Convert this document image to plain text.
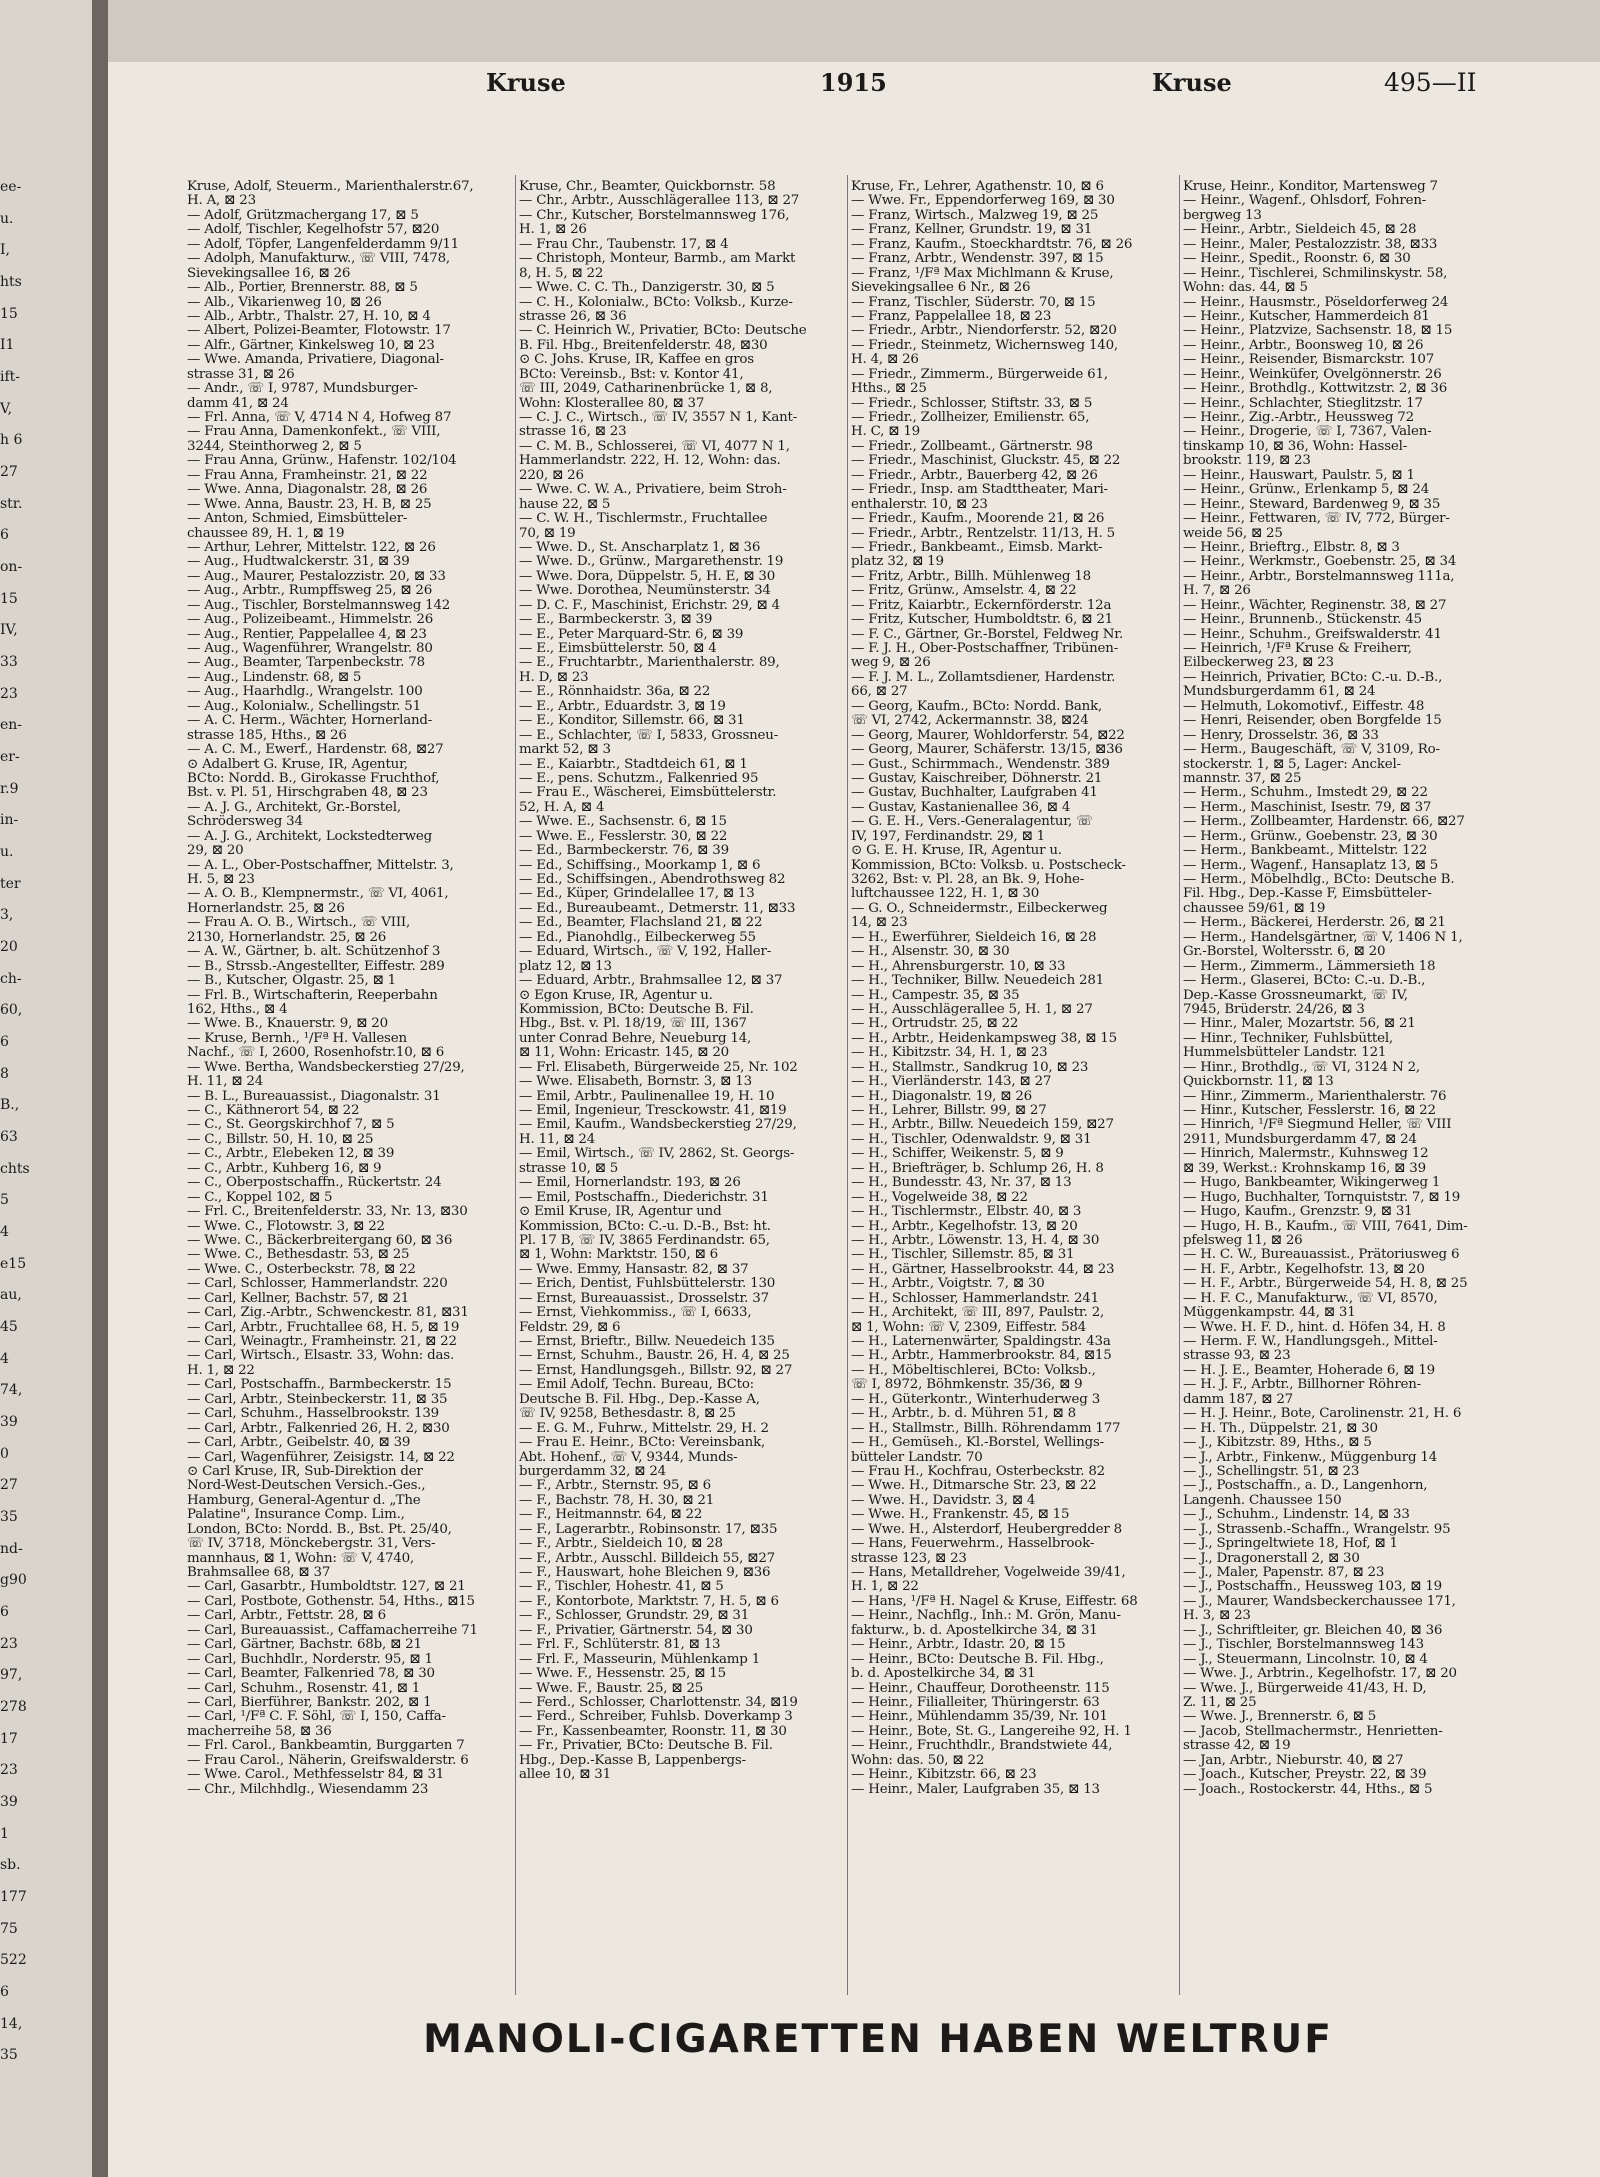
ee-
u.
I,
hts
15
I1
ift-
V,
h 6
27
str.
6
on-
15
IV,
33
23
en-
er-
r.9
in-
u.
ter
3,
20
ch-
60,
6
8
B.,
63
chts
5
4
e15
au,
45
4
74,
39
0
27
35
nd-
g90
6
23
97,
278
17
23
39
1
sb.
177
75
522
6
14,
35
Kruse	1915	Kruse	495—II
Kruse, Adolf, Steuerm., Marienthalerstr.67,
H. A, ⊠ 23
— Adolf, Grützmachergang 17, ⊠ 5
— Adolf, Tischler, Kegelhofstr 57, ⊠20
— Adolf, Töpfer, Langenfelderdamm 9/11
— Adolph, Manufakturw., ☏ VIII, 7478,
Sievekingsallee 16, ⊠ 26
— Alb., Portier, Brennerstr. 88, ⊠ 5
— Alb., Vikarienweg 10, ⊠ 26
— Alb., Arbtr., Thalstr. 27, H. 10, ⊠ 4
— Albert, Polizei-Beamter, Flotowstr. 17
— Alfr., Gärtner, Kinkelsweg 10, ⊠ 23
— Wwe. Amanda, Privatiere, Diagonal-
strasse 31, ⊠ 26
— Andr., ☏ I, 9787, Mundsburger-
damm 41, ⊠ 24
— Frl. Anna, ☏ V, 4714 N 4, Hofweg 87
— Frau Anna, Damenkonfekt., ☏ VIII,
3244, Steinthorweg 2, ⊠ 5
— Frau Anna, Grünw., Hafenstr. 102/104
— Frau Anna, Framheinstr. 21, ⊠ 22
— Wwe. Anna, Diagonalstr. 28, ⊠ 26
— Wwe. Anna, Baustr. 23, H. B, ⊠ 25
— Anton, Schmied, Eimsbütteler-
chaussee 89, H. 1, ⊠ 19
— Arthur, Lehrer, Mittelstr. 122, ⊠ 26
— Aug., Hudtwalckerstr. 31, ⊠ 39
— Aug., Maurer, Pestalozzistr. 20, ⊠ 33
— Aug., Arbtr., Rumpffsweg 25, ⊠ 26
— Aug., Tischler, Borstelmannsweg 142
— Aug., Polizeibeamt., Himmelstr. 26
— Aug., Rentier, Pappelallee 4, ⊠ 23
— Aug., Wagenführer, Wrangelstr. 80
— Aug., Beamter, Tarpenbeckstr. 78
— Aug., Lindenstr. 68, ⊠ 5
— Aug., Haarhdlg., Wrangelstr. 100
— Aug., Kolonialw., Schellingstr. 51
— A. C. Herm., Wächter, Hornerland-
strasse 185, Hths., ⊠ 26
— A. C. M., Ewerf., Hardenstr. 68, ⊠27
⊙ Adalbert G. Kruse, IR, Agentur,
BCto: Nordd. B., Girokasse Fruchthof,
Bst. v. Pl. 51, Hirschgraben 48, ⊠ 23
— A. J. G., Architekt, Gr.-Borstel,
Schrödersweg 34
— A. J. G., Architekt, Lockstedterweg
29, ⊠ 20
— A. L., Ober-Postschaffner, Mittelstr. 3,
H. 5, ⊠ 23
— A. O. B., Klempnermstr., ☏ VI, 4061,
Hornerlandstr. 25, ⊠ 26
— Frau A. O. B., Wirtsch., ☏ VIII,
2130, Hornerlandstr. 25, ⊠ 26
— A. W., Gärtner, b. alt. Schützenhof 3
— B., Strssb.-Angestellter, Eiffestr. 289
— B., Kutscher, Olgastr. 25, ⊠ 1
— Frl. B., Wirtschafterin, Reeperbahn
162, Hths., ⊠ 4
— Wwe. B., Knauerstr. 9, ⊠ 20
— Kruse, Bernh., ¹/Fª H. Vallesen
Nachf., ☏ I, 2600, Rosenhofstr.10, ⊠ 6
— Wwe. Bertha, Wandsbeckerstieg 27/29,
H. 11, ⊠ 24
— B. L., Bureauassist., Diagonalstr. 31
— C., Käthnerort 54, ⊠ 22
— C., St. Georgskirchhof 7, ⊠ 5
— C., Billstr. 50, H. 10, ⊠ 25
— C., Arbtr., Elebeken 12, ⊠ 39
— C., Arbtr., Kuhberg 16, ⊠ 9
— C., Oberpostschaffn., Rückertstr. 24
— C., Koppel 102, ⊠ 5
— Frl. C., Breitenfelderstr. 33, Nr. 13, ⊠30
— Wwe. C., Flotowstr. 3, ⊠ 22
— Wwe. C., Bäckerbreitergang 60, ⊠ 36
— Wwe. C., Bethesdastr. 53, ⊠ 25
— Wwe. C., Osterbeckstr. 78, ⊠ 22
— Carl, Schlosser, Hammerlandstr. 220
— Carl, Kellner, Bachstr. 57, ⊠ 21
— Carl, Zig.-Arbtr., Schwenckestr. 81, ⊠31
— Carl, Arbtr., Fruchtallee 68, H. 5, ⊠ 19
— Carl, Weinagtr., Framheinstr. 21, ⊠ 22
— Carl, Wirtsch., Elsastr. 33, Wohn: das.
H. 1, ⊠ 22
— Carl, Postschaffn., Barmbeckerstr. 15
— Carl, Arbtr., Steinbeckerstr. 11, ⊠ 35
— Carl, Schuhm., Hasselbrookstr. 139
— Carl, Arbtr., Falkenried 26, H. 2, ⊠30
— Carl, Arbtr., Geibelstr. 40, ⊠ 39
— Carl, Wagenführer, Zeisigstr. 14, ⊠ 22
⊙ Carl Kruse, IR, Sub-Direktion der
Nord-West-Deutschen Versich.-Ges.,
Hamburg, General-Agentur d. „The
Palatine", Insurance Comp. Lim.,
London, BCto: Nordd. B., Bst. Pt. 25/40,
☏ IV, 3718, Mönckebergstr. 31, Vers-
mannhaus, ⊠ 1, Wohn: ☏ V, 4740,
Brahmsallee 68, ⊠ 37
— Carl, Gasarbtr., Humboldtstr. 127, ⊠ 21
— Carl, Postbote, Gothenstr. 54, Hths., ⊠15
— Carl, Arbtr., Fettstr. 28, ⊠ 6
— Carl, Bureauassist., Caffamacherreihe 71
— Carl, Gärtner, Bachstr. 68b, ⊠ 21
— Carl, Buchhdlr., Norderstr. 95, ⊠ 1
— Carl, Beamter, Falkenried 78, ⊠ 30
— Carl, Schuhm., Rosenstr. 41, ⊠ 1
— Carl, Bierführer, Bankstr. 202, ⊠ 1
— Carl, ¹/Fª C. F. Söhl, ☏ I, 150, Caffa-
macherreihe 58, ⊠ 36
— Frl. Carol., Bankbeamtin, Burggarten 7
— Frau Carol., Näherin, Greifswalderstr. 6
— Wwe. Carol., Methfesselstr 84, ⊠ 31
— Chr., Milchhdlg., Wiesendamm 23
Kruse, Chr., Beamter, Quickbornstr. 58
— Chr., Arbtr., Ausschlägerallee 113, ⊠ 27
— Chr., Kutscher, Borstelmannsweg 176,
H. 1, ⊠ 26
— Frau Chr., Taubenstr. 17, ⊠ 4
— Christoph, Monteur, Barmb., am Markt
8, H. 5, ⊠ 22
— Wwe. C. C. Th., Danzigerstr. 30, ⊠ 5
— C. H., Kolonialw., BCto: Volksb., Kurze-
strasse 26, ⊠ 36
— C. Heinrich W., Privatier, BCto: Deutsche
B. Fil. Hbg., Breitenfelderstr. 48, ⊠30
⊙ C. Johs. Kruse, IR, Kaffee en gros
BCto: Vereinsb., Bst: v. Kontor 41,
☏ III, 2049, Catharinenbrücke 1, ⊠ 8,
Wohn: Klosterallee 80, ⊠ 37
— C. J. C., Wirtsch., ☏ IV, 3557 N 1, Kant-
strasse 16, ⊠ 23
— C. M. B., Schlosserei, ☏ VI, 4077 N 1,
Hammerlandstr. 222, H. 12, Wohn: das.
220, ⊠ 26
— Wwe. C. W. A., Privatiere, beim Stroh-
hause 22, ⊠ 5
— C. W. H., Tischlermstr., Fruchtallee
70, ⊠ 19
— Wwe. D., St. Anscharplatz 1, ⊠ 36
— Wwe. D., Grünw., Margarethenstr. 19
— Wwe. Dora, Düppelstr. 5, H. E, ⊠ 30
— Wwe. Dorothea, Neumünsterstr. 34
— D. C. F., Maschinist, Erichstr. 29, ⊠ 4
— E., Barmbeckerstr. 3, ⊠ 39
— E., Peter Marquard-Str. 6, ⊠ 39
— E., Eimsbüttelerstr. 50, ⊠ 4
— E., Fruchtarbtr., Marienthalerstr. 89,
H. D, ⊠ 23
— E., Rönnhaidstr. 36a, ⊠ 22
— E., Arbtr., Eduardstr. 3, ⊠ 19
— E., Konditor, Sillemstr. 66, ⊠ 31
— E., Schlachter, ☏ I, 5833, Grossneu-
markt 52, ⊠ 3
— E., Kaiarbtr., Stadtdeich 61, ⊠ 1
— E., pens. Schutzm., Falkenried 95
— Frau E., Wäscherei, Eimsbüttelerstr.
52, H. A, ⊠ 4
— Wwe. E., Sachsenstr. 6, ⊠ 15
— Wwe. E., Fesslerstr. 30, ⊠ 22
— Ed., Barmbeckerstr. 76, ⊠ 39
— Ed., Schiffsing., Moorkamp 1, ⊠ 6
— Ed., Schiffsingen., Abendrothsweg 82
— Ed., Küper, Grindelallee 17, ⊠ 13
— Ed., Bureaubeamt., Detmerstr. 11, ⊠33
— Ed., Beamter, Flachsland 21, ⊠ 22
— Ed., Pianohdlg., Eilbeckerweg 55
— Eduard, Wirtsch., ☏ V, 192, Haller-
platz 12, ⊠ 13
— Eduard, Arbtr., Brahmsallee 12, ⊠ 37
⊙ Egon Kruse, IR, Agentur u.
Kommission, BCto: Deutsche B. Fil.
Hbg., Bst. v. Pl. 18/19, ☏ III, 1367
unter Conrad Behre, Neueburg 14,
⊠ 11, Wohn: Ericastr. 145, ⊠ 20
— Frl. Elisabeth, Bürgerweide 25, Nr. 102
— Wwe. Elisabeth, Bornstr. 3, ⊠ 13
— Emil, Arbtr., Paulinenallee 19, H. 10
— Emil, Ingenieur, Tresckowstr. 41, ⊠19
— Emil, Kaufm., Wandsbeckerstieg 27/29,
H. 11, ⊠ 24
— Emil, Wirtsch., ☏ IV, 2862, St. Georgs-
strasse 10, ⊠ 5
— Emil, Hornerlandstr. 193, ⊠ 26
— Emil, Postschaffn., Diederichstr. 31
⊙ Emil Kruse, IR, Agentur und
Kommission, BCto: C.-u. D.-B., Bst: ht.
Pl. 17 B, ☏ IV, 3865 Ferdinandstr. 65,
⊠ 1, Wohn: Marktstr. 150, ⊠ 6
— Wwe. Emmy, Hansastr. 82, ⊠ 37
— Erich, Dentist, Fuhlsbüttelerstr. 130
— Ernst, Bureauassist., Drosselstr. 37
— Ernst, Viehkommiss., ☏ I, 6633,
Feldstr. 29, ⊠ 6
— Ernst, Brieftr., Billw. Neuedeich 135
— Ernst, Schuhm., Baustr. 26, H. 4, ⊠ 25
— Ernst, Handlungsgeh., Billstr. 92, ⊠ 27
— Emil Adolf, Techn. Bureau, BCto:
Deutsche B. Fil. Hbg., Dep.-Kasse A,
☏ IV, 9258, Bethesdastr. 8, ⊠ 25
— E. G. M., Fuhrw., Mittelstr. 29, H. 2
— Frau E. Heinr., BCto: Vereinsbank,
Abt. Hohenf., ☏ V, 9344, Munds-
burgerdamm 32, ⊠ 24
— F., Arbtr., Sternstr. 95, ⊠ 6
— F., Bachstr. 78, H. 30, ⊠ 21
— F., Heitmannstr. 64, ⊠ 22
— F., Lagerarbtr., Robinsonstr. 17, ⊠35
— F., Arbtr., Sieldeich 10, ⊠ 28
— F., Arbtr., Ausschl. Billdeich 55, ⊠27
— F., Hauswart, hohe Bleichen 9, ⊠36
— F., Tischler, Hohestr. 41, ⊠ 5
— F., Kontorbote, Marktstr. 7, H. 5, ⊠ 6
— F., Schlosser, Grundstr. 29, ⊠ 31
— F., Privatier, Gärtnerstr. 54, ⊠ 30
— Frl. F., Schlüterstr. 81, ⊠ 13
— Frl. F., Masseurin, Mühlenkamp 1
— Wwe. F., Hessenstr. 25, ⊠ 15
— Wwe. F., Baustr. 25, ⊠ 25
— Ferd., Schlosser, Charlottenstr. 34, ⊠19
— Ferd., Schreiber, Fuhlsb. Doverkamp 3
— Fr., Kassenbeamter, Roonstr. 11, ⊠ 30
— Fr., Privatier, BCto: Deutsche B. Fil.
Hbg., Dep.-Kasse B, Lappenbergs-
allee 10, ⊠ 31
Kruse, Fr., Lehrer, Agathenstr. 10, ⊠ 6
— Wwe. Fr., Eppendorferweg 169, ⊠ 30
— Franz, Wirtsch., Malzweg 19, ⊠ 25
— Franz, Kellner, Grundstr. 19, ⊠ 31
— Franz, Kaufm., Stoeckhardtstr. 76, ⊠ 26
— Franz, Arbtr., Wendenstr. 397, ⊠ 15
— Franz, ¹/Fª Max Michlmann & Kruse,
Sievekingsallee 6 Nr., ⊠ 26
— Franz, Tischler, Süderstr. 70, ⊠ 15
— Franz, Pappelallee 18, ⊠ 23
— Friedr., Arbtr., Niendorferstr. 52, ⊠20
— Friedr., Steinmetz, Wichernsweg 140,
H. 4, ⊠ 26
— Friedr., Zimmerm., Bürgerweide 61,
Hths., ⊠ 25
— Friedr., Schlosser, Stiftstr. 33, ⊠ 5
— Friedr., Zollheizer, Emilienstr. 65,
H. C, ⊠ 19
— Friedr., Zollbeamt., Gärtnerstr. 98
— Friedr., Maschinist, Gluckstr. 45, ⊠ 22
— Friedr., Arbtr., Bauerberg 42, ⊠ 26
— Friedr., Insp. am Stadttheater, Mari-
enthalerstr. 10, ⊠ 23
— Friedr., Kaufm., Moorende 21, ⊠ 26
— Friedr., Arbtr., Rentzelstr. 11/13, H. 5
— Friedr., Bankbeamt., Eimsb. Markt-
platz 32, ⊠ 19
— Fritz, Arbtr., Billh. Mühlenweg 18
— Fritz, Grünw., Amselstr. 4, ⊠ 22
— Fritz, Kaiarbtr., Eckernförderstr. 12a
— Fritz, Kutscher, Humboldtstr. 6, ⊠ 21
— F. C., Gärtner, Gr.-Borstel, Feldweg Nr.
— F. J. H., Ober-Postschaffner, Tribünen-
weg 9, ⊠ 26
— F. J. M. L., Zollamtsdiener, Hardenstr.
66, ⊠ 27
— Georg, Kaufm., BCto: Nordd. Bank,
☏ VI, 2742, Ackermannstr. 38, ⊠24
— Georg, Maurer, Wohldorferstr. 54, ⊠22
— Georg, Maurer, Schäferstr. 13/15, ⊠36
— Gust., Schirmmach., Wendenstr. 389
— Gustav, Kaischreiber, Döhnerstr. 21
— Gustav, Buchhalter, Laufgraben 41
— Gustav, Kastanienallee 36, ⊠ 4
— G. E. H., Vers.-Generalagentur, ☏
IV, 197, Ferdinandstr. 29, ⊠ 1
⊙ G. E. H. Kruse, IR, Agentur u.
Kommission, BCto: Volksb. u. Postscheck-
3262, Bst: v. Pl. 28, an Bk. 9, Hohe-
luftchaussee 122, H. 1, ⊠ 30
— G. O., Schneidermstr., Eilbeckerweg
14, ⊠ 23
— H., Ewerführer, Sieldeich 16, ⊠ 28
— H., Alsenstr. 30, ⊠ 30
— H., Ahrensburgerstr. 10, ⊠ 33
— H., Techniker, Billw. Neuedeich 281
— H., Campestr. 35, ⊠ 35
— H., Ausschlägerallee 5, H. 1, ⊠ 27
— H., Ortrudstr. 25, ⊠ 22
— H., Arbtr., Heidenkampsweg 38, ⊠ 15
— H., Kibitzstr. 34, H. 1, ⊠ 23
— H., Stallmstr., Sandkrug 10, ⊠ 23
— H., Vierländerstr. 143, ⊠ 27
— H., Diagonalstr. 19, ⊠ 26
— H., Lehrer, Billstr. 99, ⊠ 27
— H., Arbtr., Billw. Neuedeich 159, ⊠27
— H., Tischler, Odenwaldstr. 9, ⊠ 31
— H., Schiffer, Weikenstr. 5, ⊠ 9
— H., Briefträger, b. Schlump 26, H. 8
— H., Bundesstr. 43, Nr. 37, ⊠ 13
— H., Vogelweide 38, ⊠ 22
— H., Tischlermstr., Elbstr. 40, ⊠ 3
— H., Arbtr., Kegelhofstr. 13, ⊠ 20
— H., Arbtr., Löwenstr. 13, H. 4, ⊠ 30
— H., Tischler, Sillemstr. 85, ⊠ 31
— H., Gärtner, Hasselbrookstr. 44, ⊠ 23
— H., Arbtr., Voigtstr. 7, ⊠ 30
— H., Schlosser, Hammerlandstr. 241
— H., Architekt, ☏ III, 897, Paulstr. 2,
⊠ 1, Wohn: ☏ V, 2309, Eiffestr. 584
— H., Laternenwärter, Spaldingstr. 43a
— H., Arbtr., Hammerbrookstr. 84, ⊠15
— H., Möbeltischlerei, BCto: Volksb.,
☏ I, 8972, Böhmkenstr. 35/36, ⊠ 9
— H., Güterkontr., Winterhuderweg 3
— H., Arbtr., b. d. Mühren 51, ⊠ 8
— H., Stallmstr., Billh. Röhrendamm 177
— H., Gemüseh., Kl.-Borstel, Wellings-
bütteler Landstr. 70
— Frau H., Kochfrau, Osterbeckstr. 82
— Wwe. H., Ditmarsche Str. 23, ⊠ 22
— Wwe. H., Davidstr. 3, ⊠ 4
— Wwe. H., Frankenstr. 45, ⊠ 15
— Wwe. H., Alsterdorf, Heubergredder 8
— Hans, Feuerwehrm., Hasselbrook-
strasse 123, ⊠ 23
— Hans, Metalldreher, Vogelweide 39/41,
H. 1, ⊠ 22
— Hans, ¹/Fª H. Nagel & Kruse, Eiffestr. 68
— Heinr., Nachflg., Inh.: M. Grön, Manu-
fakturw., b. d. Apostelkirche 34, ⊠ 31
— Heinr., Arbtr., Idastr. 20, ⊠ 15
— Heinr., BCto: Deutsche B. Fil. Hbg.,
b. d. Apostelkirche 34, ⊠ 31
— Heinr., Chauffeur, Dorotheenstr. 115
— Heinr., Filialleiter, Thüringerstr. 63
— Heinr., Mühlendamm 35/39, Nr. 101
— Heinr., Bote, St. G., Langereihe 92, H. 1
— Heinr., Fruchthdlr., Brandstwiete 44,
Wohn: das. 50, ⊠ 22
— Heinr., Kibitzstr. 66, ⊠ 23
— Heinr., Maler, Laufgraben 35, ⊠ 13
Kruse, Heinr., Konditor, Martensweg 7
— Heinr., Wagenf., Ohlsdorf, Fohren-
bergweg 13
— Heinr., Arbtr., Sieldeich 45, ⊠ 28
— Heinr., Maler, Pestalozzistr. 38, ⊠33
— Heinr., Spedit., Roonstr. 6, ⊠ 30
— Heinr., Tischlerei, Schmilinskystr. 58,
Wohn: das. 44, ⊠ 5
— Heinr., Hausmstr., Pöseldorferweg 24
— Heinr., Kutscher, Hammerdeich 81
— Heinr., Platzvize, Sachsenstr. 18, ⊠ 15
— Heinr., Arbtr., Boonsweg 10, ⊠ 26
— Heinr., Reisender, Bismarckstr. 107
— Heinr., Weinküfer, Övelgönnerstr. 26
— Heinr., Brothdlg., Kottwitzstr. 2, ⊠ 36
— Heinr., Schlachter, Stieglitzstr. 17
— Heinr., Zig.-Arbtr., Heussweg 72
— Heinr., Drogerie, ☏ I, 7367, Valen-
tinskamp 10, ⊠ 36, Wohn: Hassel-
brookstr. 119, ⊠ 23
— Heinr., Hauswart, Paulstr. 5, ⊠ 1
— Heinr., Grünw., Erlenkamp 5, ⊠ 24
— Heinr., Steward, Bardenweg 9, ⊠ 35
— Heinr., Fettwaren, ☏ IV, 772, Bürger-
weide 56, ⊠ 25
— Heinr., Brieftrg., Elbstr. 8, ⊠ 3
— Heinr., Werkmstr., Goebenstr. 25, ⊠ 34
— Heinr., Arbtr., Borstelmannsweg 111a,
H. 7, ⊠ 26
— Heinr., Wächter, Reginenstr. 38, ⊠ 27
— Heinr., Brunnenb., Stückenstr. 45
— Heinr., Schuhm., Greifswalderstr. 41
— Heinrich, ¹/Fª Kruse & Freiherr,
Eilbeckerweg 23, ⊠ 23
— Heinrich, Privatier, BCto: C.-u. D.-B.,
Mundsburgerdamm 61, ⊠ 24
— Helmuth, Lokomotivf., Eiffestr. 48
— Henri, Reisender, oben Borgfelde 15
— Henry, Drosselstr. 36, ⊠ 33
— Herm., Baugeschäft, ☏ V, 3109, Ro-
stockerstr. 1, ⊠ 5, Lager: Anckel-
mannstr. 37, ⊠ 25
— Herm., Schuhm., Imstedt 29, ⊠ 22
— Herm., Maschinist, Isestr. 79, ⊠ 37
— Herm., Zollbeamter, Hardenstr. 66, ⊠27
— Herm., Grünw., Goebenstr. 23, ⊠ 30
— Herm., Bankbeamt., Mittelstr. 122
— Herm., Wagenf., Hansaplatz 13, ⊠ 5
— Herm., Möbelhdlg., BCto: Deutsche B.
Fil. Hbg., Dep.-Kasse F, Eimsbütteler-
chaussee 59/61, ⊠ 19
— Herm., Bäckerei, Herderstr. 26, ⊠ 21
— Herm., Handelsgärtner, ☏ V, 1406 N 1,
Gr.-Borstel, Woltersstr. 6, ⊠ 20
— Herm., Zimmerm., Lämmersieth 18
— Herm., Glaserei, BCto: C.-u. D.-B.,
Dep.-Kasse Grossneumarkt, ☏ IV,
7945, Brüderstr. 24/26, ⊠ 3
— Hinr., Maler, Mozartstr. 56, ⊠ 21
— Hinr., Techniker, Fuhlsbüttel,
Hummelsbütteler Landstr. 121
— Hinr., Brothdlg., ☏ VI, 3124 N 2,
Quickbornstr. 11, ⊠ 13
— Hinr., Zimmerm., Marienthalerstr. 76
— Hinr., Kutscher, Fesslerstr. 16, ⊠ 22
— Hinrich, ¹/Fª Siegmund Heller, ☏ VIII
2911, Mundsburgerdamm 47, ⊠ 24
— Hinrich, Malermstr., Kuhnsweg 12
⊠ 39, Werkst.: Krohnskamp 16, ⊠ 39
— Hugo, Bankbeamter, Wikingerweg 1
— Hugo, Buchhalter, Tornquiststr. 7, ⊠ 19
— Hugo, Kaufm., Grenzstr. 9, ⊠ 31
— Hugo, H. B., Kaufm., ☏ VIII, 7641, Dim-
pfelsweg 11, ⊠ 26
— H. C. W., Bureauassist., Prätoriusweg 6
— H. F., Arbtr., Kegelhofstr. 13, ⊠ 20
— H. F., Arbtr., Bürgerweide 54, H. 8, ⊠ 25
— H. F. C., Manufakturw., ☏ VI, 8570,
Müggenkampstr. 44, ⊠ 31
— Wwe. H. F. D., hint. d. Höfen 34, H. 8
— Herm. F. W., Handlungsgeh., Mittel-
strasse 93, ⊠ 23
— H. J. E., Beamter, Hoherade 6, ⊠ 19
— H. J. F., Arbtr., Billhorner Röhren-
damm 187, ⊠ 27
— H. J. Heinr., Bote, Carolinenstr. 21, H. 6
— H. Th., Düppelstr. 21, ⊠ 30
— J., Kibitzstr. 89, Hths., ⊠ 5
— J., Arbtr., Finkenw., Müggenburg 14
— J., Schellingstr. 51, ⊠ 23
— J., Postschaffn., a. D., Langenhorn,
Langenh. Chaussee 150
— J., Schuhm., Lindenstr. 14, ⊠ 33
— J., Strassenb.-Schaffn., Wrangelstr. 95
— J., Springeltwiete 18, Hof, ⊠ 1
— J., Dragonerstall 2, ⊠ 30
— J., Maler, Papenstr. 87, ⊠ 23
— J., Postschaffn., Heussweg 103, ⊠ 19
— J., Maurer, Wandsbeckerchaussee 171,
H. 3, ⊠ 23
— J., Schriftleiter, gr. Bleichen 40, ⊠ 36
— J., Tischler, Borstelmannsweg 143
— J., Steuermann, Lincolnstr. 10, ⊠ 4
— Wwe. J., Arbtrin., Kegelhofstr. 17, ⊠ 20
— Wwe. J., Bürgerweide 41/43, H. D,
Z. 11, ⊠ 25
— Wwe. J., Brennerstr. 6, ⊠ 5
— Jacob, Stellmachermstr., Henrietten-
strasse 42, ⊠ 19
— Jan, Arbtr., Nieburstr. 40, ⊠ 27
— Joach., Kutscher, Preystr. 22, ⊠ 39
— Joach., Rostockerstr. 44, Hths., ⊠ 5
MANOLI-CIGARETTEN HABEN WELTRUF
